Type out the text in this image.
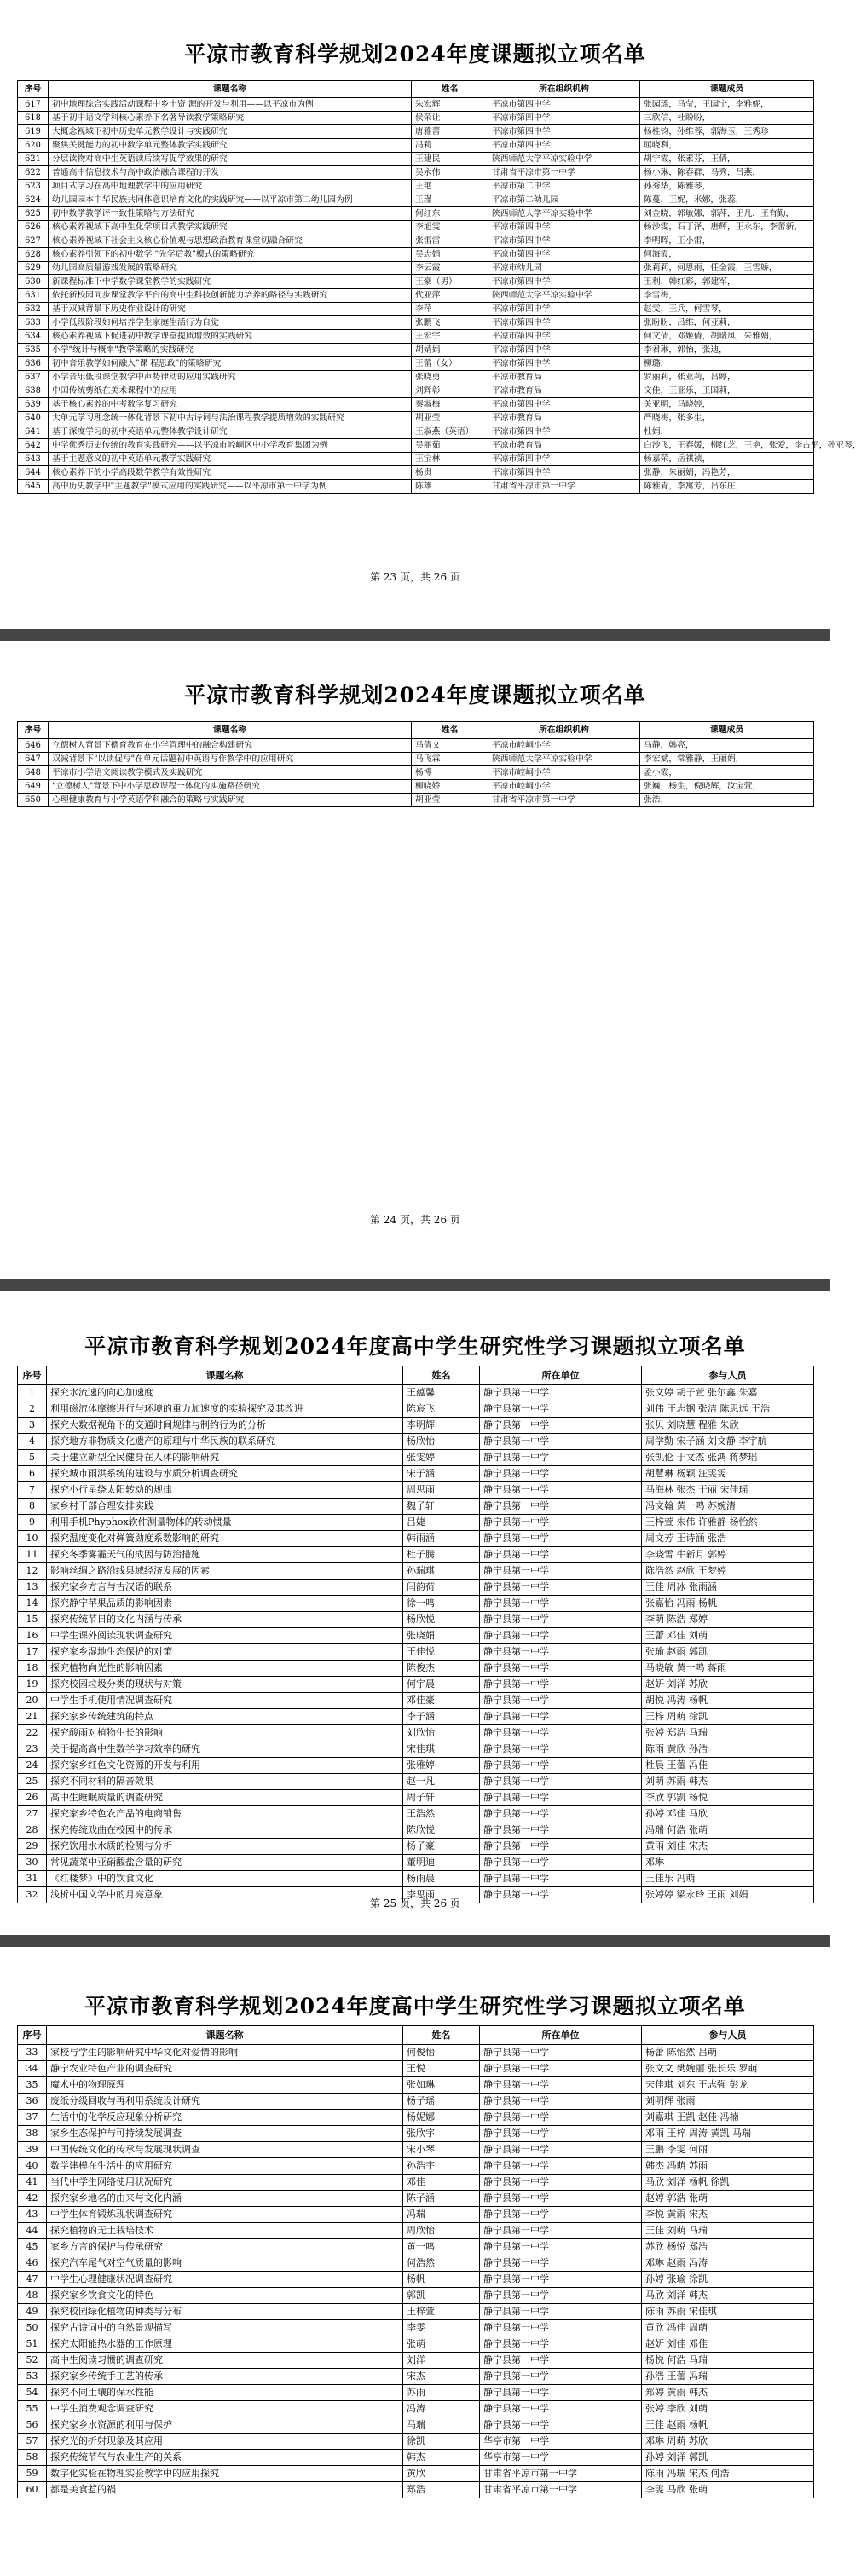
平凉市教育科学规划2024年度课题拟立项名单
序号	课题名称	姓名	所在组织机构	课题成员
617	初中地理综合实践活动课程中乡土资 源的开发与利用——以平凉市为例	朱宏辉	平凉市第四中学	张园瑶，马莹，王园宁，李雅妮，
618	基于初中语文学科核心素养下名著导读教学策略研究	侯荣让	平凉市第四中学	三欣信，杜盼盼，
619	大概念视域下初中历史单元教学设计与实践研究	唐雅蕾	平凉市第四中学	杨桂钧，孙维蓉，郭海玉，王秀珍
620	聚焦关键能力的初中数学单元整体教学实践研究	冯莉	平凉市第四中学	屈晓利，
621	分层读物对高中生英语读后续写促学效果的研究	王建民	陕西师范大学平凉实验中学	胡宁霞，张素芬，王倩，
622	普通高中信息技术与高中政治融合课程的开发	吴永伟	甘肃省平凉市第一中学	杨小琳，陈春群，马秀，吕燕，
623	项目式学习在高中地理教学中的应用研究	王艳	平凉市第二中学	孙秀华，陈雅琴，
624	幼儿园园本中华民族共同体意识培育文化的实践研究——以平凉市第二幼儿园为例	王瑾	平凉市第二幼儿园	陈蔓，王妮，米娜，张蕊，
625	初中数学教学评一致性策略与方法研究	何红东	陕西师范大学平凉实验中学	刘金晓，郭敏娜，郭萍，王凡，王有勤，
626	核心素养视域下高中生化学项目式教学实践研究	李旭雯	平凉市第四中学	杨沙雯，石丁泽，唐辉，王永东，李蕾新，
627	核心素养视域下社会主义核心价值观与思想政治教育课堂切融合研究	张雷雷	平凉市第四中学	李明晖，王小雷，
628	核心素养引领下的初中数学 "先学后教"模式的策略研究	吴志娟	平凉市第四中学	何海霞，
629	幼儿园高质量游戏发展的策略研究	李云霞	平凉市幼儿园	张莉莉，何思雨，任金霞，王雪娇，
630	新课程标准下中学数学课堂教学的实践研究	王豪（男）	平凉市第四中学	王利，韩红彩，郭建军，
631	依托新校园同步课堂教学平台的高中生科技创新能力培养的路径与实践研究	代亚萍	陕西师范大学平凉实验中学	李雪梅，
632	基于双减背景下历史作业设计的研究	李萍	平凉市第四中学	赵雯，王兵，何雪琴，
633	小学低段阶段如何培养学生家庭生活行为自觉	张鹏飞	平凉市第四中学	张盼盼，吕维，何亚莉，
634	核心素养视域下促进初中数学课堂提质增效的实践研究	王宏宇	平凉市第四中学	何文倩，邓姬倩，胡瑞凤，朱雅娟，
635	小学"统计与概率"教学策略的实践研究	胡婧娟	平凉市第四中学	李君琳，郭怡，张迪，
636	初中音乐教学如何融入"课 程思政"的策略研究	王蕾（女）	平凉市第四中学	柳璐，
637	小学音乐低段课堂教学中声势律动的应用实践研究	张晓勇	平凉市教育局	罗丽莉，张亚莉，吕婷，
638	中国传统剪纸在美术课程中的应用	刘辉彰	平凉市教育局	文佳，王亚乐，王国莉，
639	基于核心素养的中考数学复习研究	秦淑梅	平凉市第四中学	关亚明，马晓婷，
640	大单元学习理念统一体化背景下初中古诗词与法治课程教学提质增效的实践研究	胡亚莹	平凉市教育局	严晓梅，张多生，
641	基于深度学习的初中英语单元整体教学设计研究	王淑燕（英语）	平凉市第四中学	杜娟，
642	中学优秀历史传统的教育实践研究——以平凉市崆峒区中小学教育集团为例	吴丽茹	平凉市教育局	白沙飞，王春媛，柳红芝，王艳，张爱，李占平，孙亚琴，
643	基于主题意义的初中英语单元教学实践研究	王宝林	平凉市第四中学	杨嘉荣，岳祺祯，
644	核心素养下的小学高段数学教学有效性研究	杨贵	平凉市第四中学	张静，朱丽娟，冯艳芳，
645	高中历史教学中"主题教学"模式应用的实践研究——以平凉市第一中学为例	陈雄	甘肃省平凉市第一中学	陈雅青，李寓芳，吕东庄，
第 23 页，共 26 页
平凉市教育科学规划2024年度课题拟立项名单
序号	课题名称	姓名	所在组织机构	课题成员
646	立德树人背景下德育教育在小学管理中的融合构建研究	马倩文	平凉市崆峒小学	马静，韩亮，
647	双减背景下"以读促写"在单元话题初中英语写作教学中的应用研究	马飞霖	陕西师范大学平凉实验中学	李宏斌，常雅静，王丽娟，
648	平凉市小学语文阅读教学模式及实践研究	杨博	平凉市崆峒小学	孟小霞，
649	"立德树人"背景下中小学思政课程一体化的实施路径研究	柳晓娇	平凉市崆峒小学	张巍，杨生，倪晓辉，汝宝萱，
650	心理健康教育与小学英语学科融合的策略与实践研究	胡亚莹	甘肃省平凉市第一中学	张浩，
第 24 页，共 26 页
平凉市教育科学规划2024年度高中学生研究性学习课题拟立项名单
序号	课题名称	姓名	所在单位	参与人员
1	探究水流速的向心加速度	王蕴馨	静宁县第一中学	张文婷 胡子萱 张尔鑫 朱嘉
2	利用磁流体摩擦进行与环境的重力加速度的实验探究及其改进	陈宸飞	静宁县第一中学	刘伟 王志钢 张洁 陈思远 王浩
3	探究大数据视角下的交通时间规律与制约行为的分析	李明辉	静宁县第一中学	张贝 刘晓慧 程雅 朱欣
4	探究地方非物质文化遗产的原理与中华民族的联系研究	杨欣怡	静宁县第一中学	周学勤 宋子涵 刘文静 李宇航
5	关于建立新型全民健身在人体的影响研究	张雯婷	静宁县第一中学	张凯伦 于文杰 张鸿 蒋梦瑶
6	探究城市雨洪系统的建设与水质分析调查研究	宋子涵	静宁县第一中学	胡慧琳 杨颖 汪雯雯
7	探究小行星绕太阳转动的规律	周思雨	静宁县第一中学	马海林 张杰 于丽 宋佳瑶
8	家乡村干部合理安排实践	魏子轩	静宁县第一中学	冯文翰 黄一鸣 苏婉清
9	利用手机Phyphox软件测量物体的转动惯量	吕婕	静宁县第一中学	王梓萱 朱伟 许雅静 杨怡然
10	探究温度变化对弹簧劲度系数影响的研究	韩雨涵	静宁县第一中学	周文芳 王诗涵 张浩
11	探究冬季雾霾天气的成因与防治措施	杜子腾	静宁县第一中学	李晓雪 牛新月 郭婷
12	影响丝绸之路沿线县域经济发展的因素	孙瑞琪	静宁县第一中学	陈浩然 赵欣 王梦婷
13	探究家乡方言与古汉语的联系	闫韵荷	静宁县第一中学	王佳 周冰 张雨涵
14	探究静宁苹果品质的影响因素	徐一鸣	静宁县第一中学	张嘉怡 冯雨 杨帆
15	探究传统节日的文化内涵与传承	杨欣悦	静宁县第一中学	李萌 陈浩 郑婷
16	中学生课外阅读现状调查研究	张晓娟	静宁县第一中学	王蕾 邓佳 刘萌
17	探究家乡湿地生态保护的对策	王佳悦	静宁县第一中学	张瑜 赵雨 郭凯
18	探究植物向光性的影响因素	陈俊杰	静宁县第一中学	马晓敏 黄一鸣 蒋雨
19	探究校园垃圾分类的现状与对策	何宇晨	静宁县第一中学	赵妍 刘洋 苏欣
20	中学生手机使用情况调查研究	邓佳豪	静宁县第一中学	胡悦 冯涛 杨帆
21	探究家乡传统建筑的特点	李子涵	静宁县第一中学	王梓 周萌 徐凯
22	探究酸雨对植物生长的影响	刘欣怡	静宁县第一中学	张婷 郑浩 马瑞
23	关于提高高中生数学学习效率的研究	宋佳琪	静宁县第一中学	陈雨 黄欣 孙浩
24	探究家乡红色文化资源的开发与利用	张雅婷	静宁县第一中学	杜晨 王蕾 冯佳
25	探究不同材料的隔音效果	赵一凡	静宁县第一中学	刘萌 苏雨 韩杰
26	高中生睡眠质量的调查研究	周子轩	静宁县第一中学	李欣 郭凯 杨悦
27	探究家乡特色农产品的电商销售	王浩然	静宁县第一中学	孙婷 邓佳 马欣
28	探究传统戏曲在校园中的传承	陈欣悦	静宁县第一中学	冯瑞 何浩 张萌
29	探究饮用水水质的检测与分析	杨子豪	静宁县第一中学	黄雨 刘佳 宋杰
30	常见蔬菜中亚硝酸盐含量的研究	董明迪	静宁县第一中学	邓琳
31	《红楼梦》中的饮食文化	杨雨晨	静宁县第一中学	王佳乐 冯萌
32	浅析中国文学中的月亮意象	李思雨	静宁县第一中学	张婷婷 梁永玲 王雨 刘娟
第 25 页，共 26 页
平凉市教育科学规划2024年度高中学生研究性学习课题拟立项名单
序号	课题名称	姓名	所在单位	参与人员
33	家校与学生的影响研究中华文化对爱情的影响	何俊怡	静宁县第一中学	杨蕾 陈怡然 吕萌
34	静宁农业特色产业的调查研究	王悦	静宁县第一中学	张文文 樊婉丽 张长乐 罗萌
35	魔术中的物理原理	张如琳	静宁县第一中学	宋佳琪 刘东 王志强 彭龙
36	废纸分级回收与再利用系统设计研究	杨子瑶	静宁县第一中学	刘明辉 张雨
37	生活中的化学反应现象分析研究	杨妮娜	静宁县第一中学	刘嘉琪 王凯 赵佳 冯楠
38	家乡生态保护与可持续发展调查	张欣宇	静宁县第一中学	邓雨 王梓 周涛 黄凯 马瑞
39	中国传统文化的传承与发展现状调查	宋小琴	静宁县第一中学	王鹏 李雯 何丽
40	数学建模在生活中的应用研究	孙浩宇	静宁县第一中学	韩杰 冯萌 苏雨
41	当代中学生网络使用状况研究	邓佳	静宁县第一中学	马欣 刘洋 杨帆 徐凯
42	探究家乡地名的由来与文化内涵	陈子涵	静宁县第一中学	赵婷 郭浩 张萌
43	中学生体育锻炼现状调查研究	冯瑞	静宁县第一中学	李悦 黄雨 宋杰
44	探究植物的无土栽培技术	周欣怡	静宁县第一中学	王佳 刘萌 马瑞
45	家乡方言的保护与传承研究	黄一鸣	静宁县第一中学	苏欣 杨悦 郑浩
46	探究汽车尾气对空气质量的影响	何浩然	静宁县第一中学	邓琳 赵雨 冯涛
47	中学生心理健康状况调查研究	杨帆	静宁县第一中学	孙婷 张瑜 徐凯
48	探究家乡饮食文化的特色	郭凯	静宁县第一中学	马欣 刘洋 韩杰
49	探究校园绿化植物的种类与分布	王梓萱	静宁县第一中学	陈雨 苏雨 宋佳琪
50	探究古诗词中的自然景观描写	李雯	静宁县第一中学	黄欣 冯佳 周萌
51	探究太阳能热水器的工作原理	张萌	静宁县第一中学	赵妍 刘佳 邓佳
52	高中生阅读习惯的调查研究	刘洋	静宁县第一中学	杨悦 何浩 马瑞
53	探究家乡传统手工艺的传承	宋杰	静宁县第一中学	孙浩 王蕾 冯瑞
54	探究不同土壤的保水性能	苏雨	静宁县第一中学	郑婷 黄雨 韩杰
55	中学生消费观念调查研究	冯涛	静宁县第一中学	张婷 李欣 刘萌
56	探究家乡水资源的利用与保护	马瑞	静宁县第一中学	王佳 赵雨 杨帆
57	探究光的折射现象及其应用	徐凯	华亭市第一中学	邓琳 周萌 苏欣
58	探究传统节气与农业生产的关系	韩杰	华亭市第一中学	孙婷 刘洋 郭凯
59	数字化实验在物理实验教学中的应用探究	黄欣	甘肃省平凉市第一中学	陈雨 冯瑞 宋杰 何浩
60	都是美食惹的祸	郑浩	甘肃省平凉市第一中学	李雯 马欣 张萌
